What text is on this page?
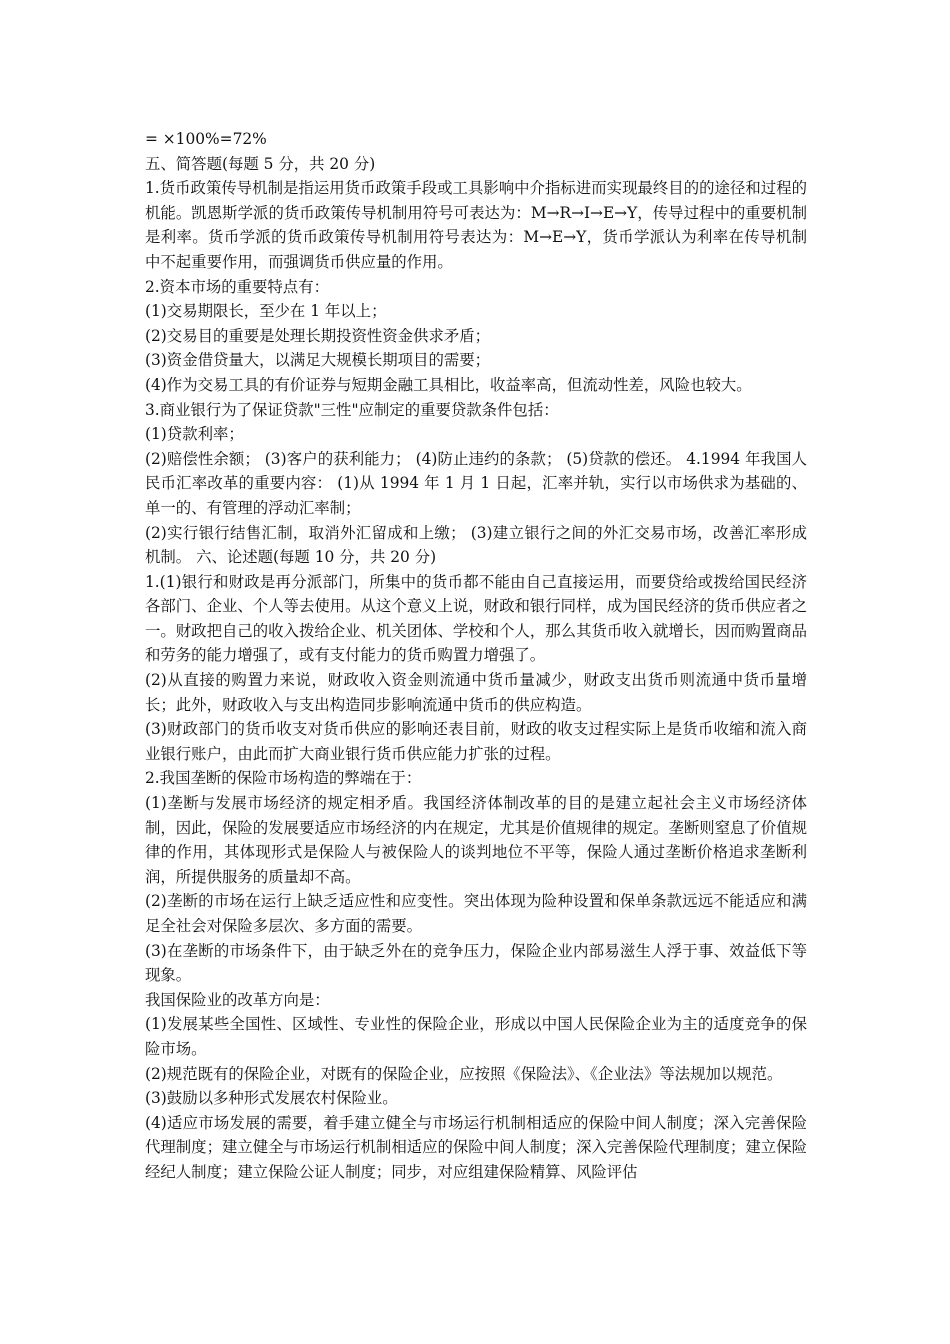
= ×100%=72%

五、简答题(每题 5 分，共 20 分)

1.货币政策传导机制是指运用货币政策手段或工具影响中介指标进而实现最终目的的途径和过程的机能。凯恩斯学派的货币政策传导机制用符号可表达为：M→R→I→E→Y，传导过程中的重要机制是利率。货币学派的货币政策传导机制用符号表达为：M→E→Y，货币学派认为利率在传导机制中不起重要作用，而强调货币供应量的作用。

2.资本市场的重要特点有：

(1)交易期限长，至少在 1 年以上；

(2)交易目的重要是处理长期投资性资金供求矛盾；

(3)资金借贷量大，以满足大规模长期项目的需要；

(4)作为交易工具的有价证券与短期金融工具相比，收益率高，但流动性差，风险也较大。

3.商业银行为了保证贷款"三性"应制定的重要贷款条件包括：

(1)贷款利率；

(2)赔偿性余额； (3)客户的获利能力； (4)防止违约的条款； (5)贷款的偿还。 4.1994 年我国人民币汇率改革的重要内容： (1)从 1994 年 1 月 1 日起，汇率并轨，实行以市场供求为基础的、单一的、有管理的浮动汇率制；

(2)实行银行结售汇制，取消外汇留成和上缴； (3)建立银行之间的外汇交易市场，改善汇率形成机制。 六、论述题(每题 10 分，共 20 分)

1.(1)银行和财政是再分派部门，所集中的货币都不能由自己直接运用，而要贷给或拨给国民经济各部门、企业、个人等去使用。从这个意义上说，财政和银行同样，成为国民经济的货币供应者之一。财政把自己的收入拨给企业、机关团体、学校和个人，那么其货币收入就增长，因而购置商品和劳务的能力增强了，或有支付能力的货币购置力增强了。

(2)从直接的购置力来说，财政收入资金则流通中货币量减少，财政支出货币则流通中货币量增长；此外，财政收入与支出构造同步影响流通中货币的供应构造。

(3)财政部门的货币收支对货币供应的影响还表目前，财政的收支过程实际上是货币收缩和流入商业银行账户，由此而扩大商业银行货币供应能力扩张的过程。

2.我国垄断的保险市场构造的弊端在于：

(1)垄断与发展市场经济的规定相矛盾。我国经济体制改革的目的是建立起社会主义市场经济体制，因此，保险的发展要适应市场经济的内在规定，尤其是价值规律的规定。垄断则窒息了价值规律的作用，其体现形式是保险人与被保险人的谈判地位不平等，保险人通过垄断价格追求垄断利润，所提供服务的质量却不高。

(2)垄断的市场在运行上缺乏适应性和应变性。突出体现为险种设置和保单条款远远不能适应和满足全社会对保险多层次、多方面的需要。

(3)在垄断的市场条件下，由于缺乏外在的竞争压力，保险企业内部易滋生人浮于事、效益低下等现象。

我国保险业的改革方向是：

(1)发展某些全国性、区域性、专业性的保险企业，形成以中国人民保险企业为主的适度竞争的保险市场。

(2)规范既有的保险企业，对既有的保险企业，应按照《保险法》、《企业法》等法规加以规范。

(3)鼓励以多种形式发展农村保险业。

(4)适应市场发展的需要，着手建立健全与市场运行机制相适应的保险中间人制度；深入完善保险代理制度；建立健全与市场运行机制相适应的保险中间人制度；深入完善保险代理制度；建立保险经纪人制度；建立保险公证人制度；同步，对应组建保险精算、风险评估
